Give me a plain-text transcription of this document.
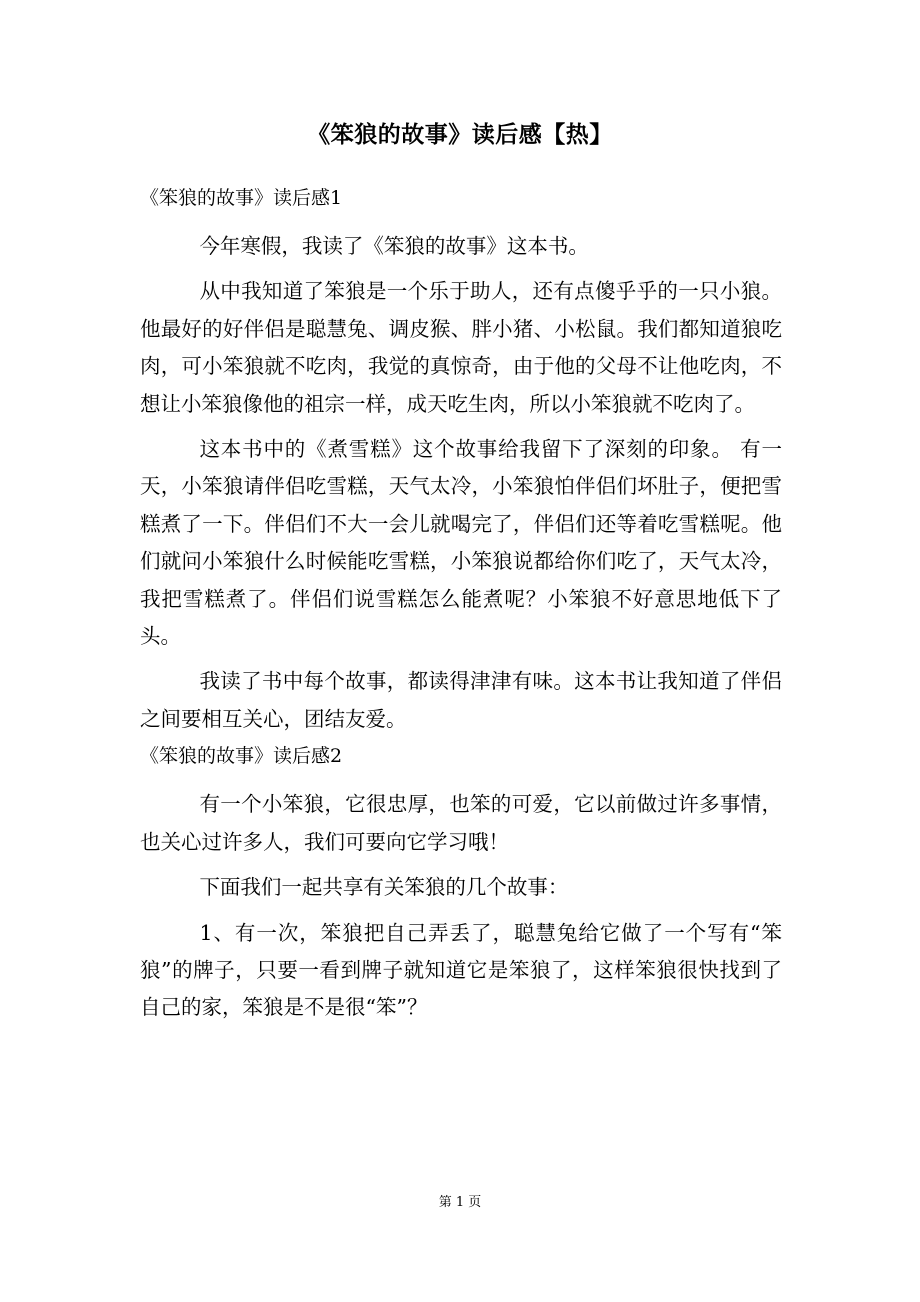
《笨狼的故事》读后感【热】
《笨狼的故事》读后感1

今年寒假，我读了《笨狼的故事》这本书。

从中我知道了笨狼是一个乐于助人，还有点傻乎乎的一只小狼。他最好的好伴侣是聪慧兔、调皮猴、胖小猪、小松鼠。我们都知道狼吃肉，可小笨狼就不吃肉，我觉的真惊奇，由于他的父母不让他吃肉，不想让小笨狼像他的祖宗一样，成天吃生肉，所以小笨狼就不吃肉了。

这本书中的《煮雪糕》这个故事给我留下了深刻的印象。 有一天，小笨狼请伴侣吃雪糕，天气太冷，小笨狼怕伴侣们坏肚子，便把雪糕煮了一下。伴侣们不大一会儿就喝完了，伴侣们还等着吃雪糕呢。他们就问小笨狼什么时候能吃雪糕，小笨狼说都给你们吃了，天气太冷，我把雪糕煮了。伴侣们说雪糕怎么能煮呢？小笨狼不好意思地低下了头。

我读了书中每个故事，都读得津津有味。这本书让我知道了伴侣之间要相互关心，团结友爱。

《笨狼的故事》读后感2

有一个小笨狼，它很忠厚，也笨的可爱，它以前做过许多事情，也关心过许多人，我们可要向它学习哦！

下面我们一起共享有关笨狼的几个故事：

1、有一次，笨狼把自己弄丢了，聪慧兔给它做了一个写有“笨狼”的牌子，只要一看到牌子就知道它是笨狼了，这样笨狼很快找到了自己的家，笨狼是不是很“笨”？

第 1 页
